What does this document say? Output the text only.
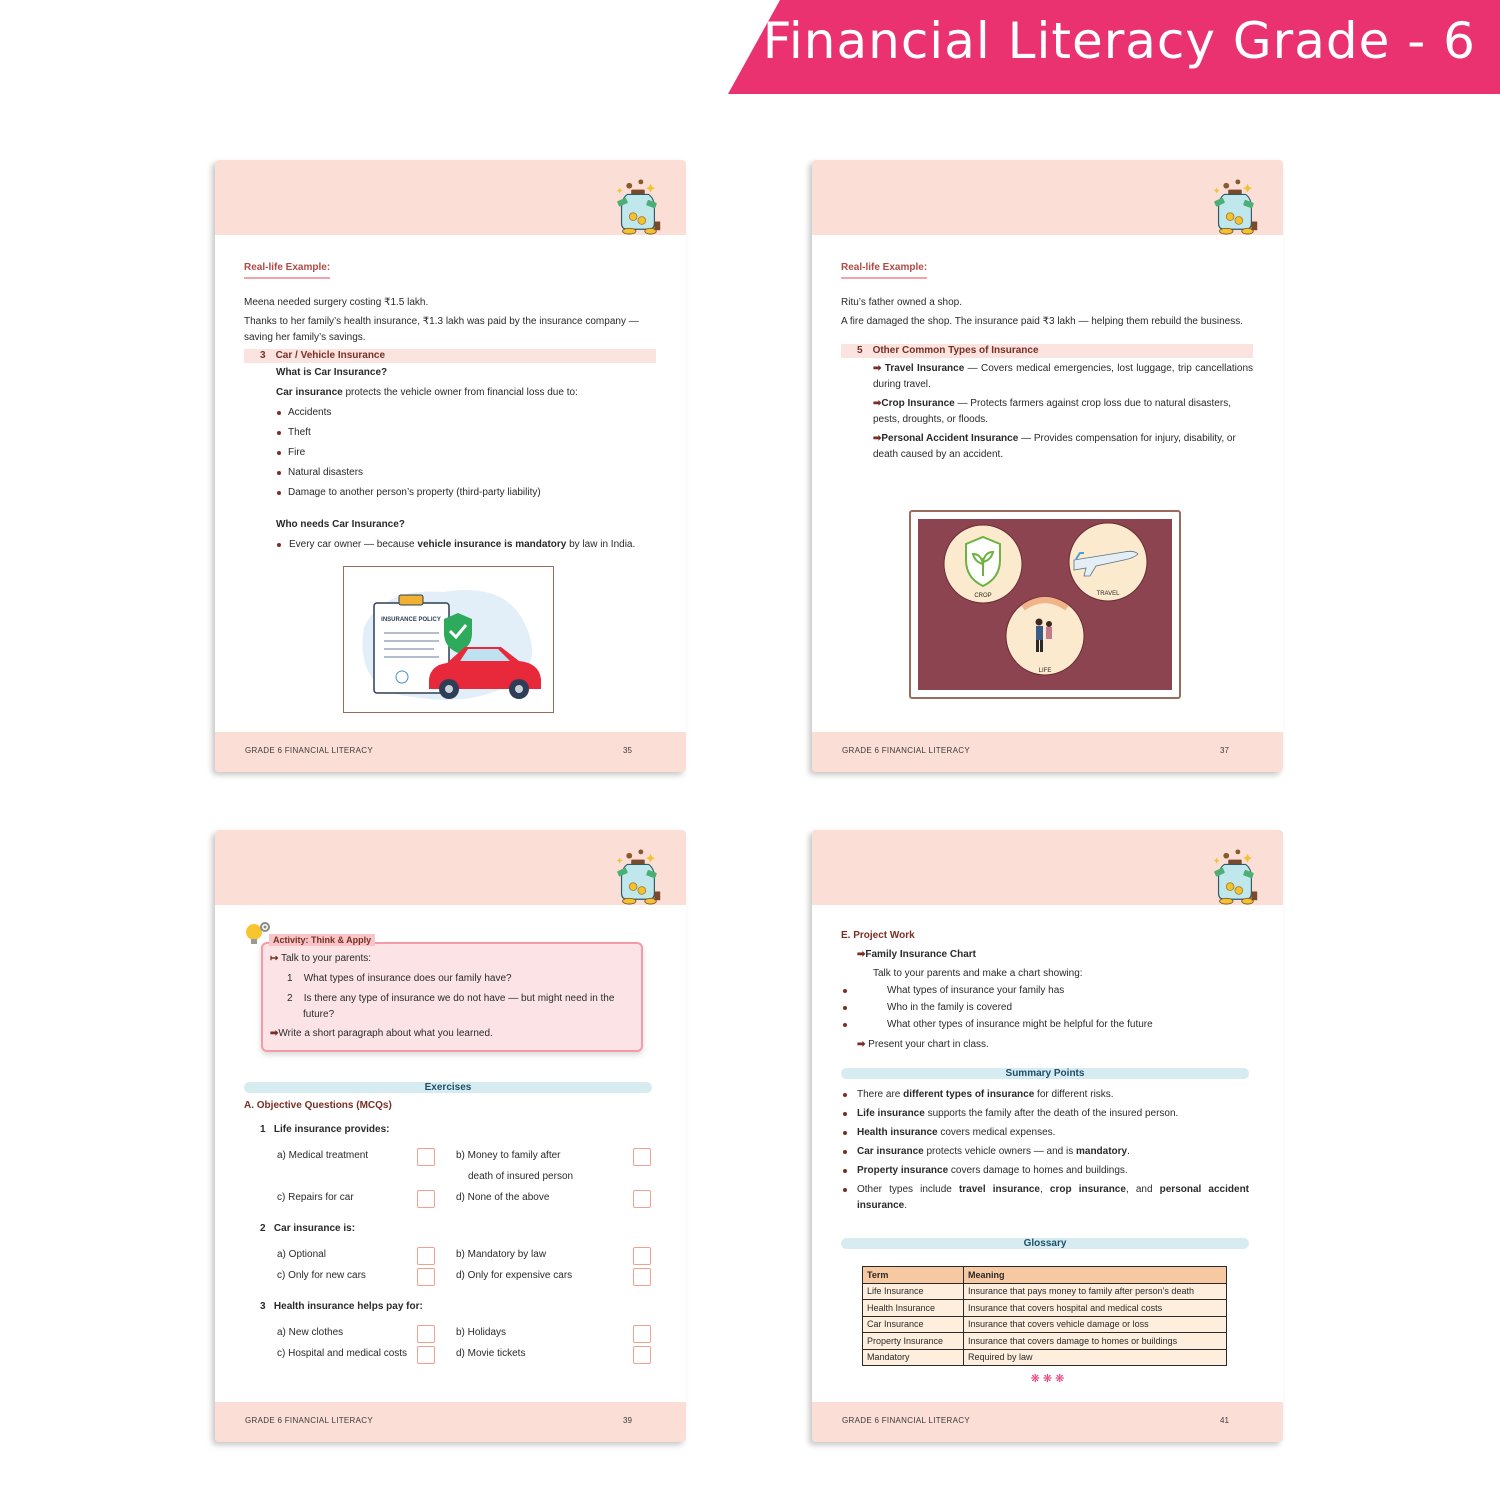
Financial Literacy Grade - 6
Real-life Example:
Meena needed surgery costing ₹1.5 lakh.
Thanks to her family’s health insurance, ₹1.3 lakh was paid by the insurance company — saving her family’s savings.
3 Car / Vehicle Insurance
What is Car Insurance?
Car insurance protects the vehicle owner from financial loss due to:
Accidents
Theft
Fire
Natural disasters
Damage to another person’s property (third-party liability)
Who needs Car Insurance?
Every car owner — because vehicle insurance is mandatory by law in India.
INSURANCE POLICY
GRADE 6 FINANCIAL LITERACY	35
Real-life Example:
Ritu’s father owned a shop.
A fire damaged the shop. The insurance paid ₹3 lakh — helping them rebuild the business.
5 Other Common Types of Insurance
➡ Travel Insurance — Covers medical emergencies, lost luggage, trip cancellations during travel.
➡Crop Insurance — Protects farmers against crop loss due to natural disasters, pests, droughts, or floods.
➡Personal Accident Insurance — Provides compensation for injury, disability, or death caused by an accident.
CROP	TRAVEL
LIFE
GRADE 6 FINANCIAL LITERACY	37
Activity: Think & Apply
↦ Talk to your parents:
1 What types of insurance does our family have?
2 Is there any type of insurance we do not have — but might need in the
future?
➡Write a short paragraph about what you learned.
Exercises
A. Objective Questions (MCQs)
1 Life insurance provides:
a) Medical treatment	b) Money to family after
death of insured person
c) Repairs for car	d) None of the above
2 Car insurance is:
a) Optional	b) Mandatory by law
c) Only for new cars	d) Only for expensive cars
3 Health insurance helps pay for:
a) New clothes	b) Holidays
c) Hospital and medical costs	d) Movie tickets
GRADE 6 FINANCIAL LITERACY	39
E. Project Work
➡Family Insurance Chart
Talk to your parents and make a chart showing:
What types of insurance your family has
Who in the family is covered
What other types of insurance might be helpful for the future
➡ Present your chart in class.
Summary Points
There are different types of insurance for different risks.
Life insurance supports the family after the death of the insured person.
Health insurance covers medical expenses.
Car insurance protects vehicle owners — and is mandatory.
Property insurance covers damage to homes and buildings.
Other types include travel insurance, crop insurance, and personal accident insurance.
Glossary
Term	Meaning
Life Insurance	Insurance that pays money to family after person’s death
Health Insurance	Insurance that covers hospital and medical costs
Car Insurance	Insurance that covers vehicle damage or loss
Property Insurance	Insurance that covers damage to homes or buildings
Mandatory	Required by law
❋ ❋ ❋
GRADE 6 FINANCIAL LITERACY	41
